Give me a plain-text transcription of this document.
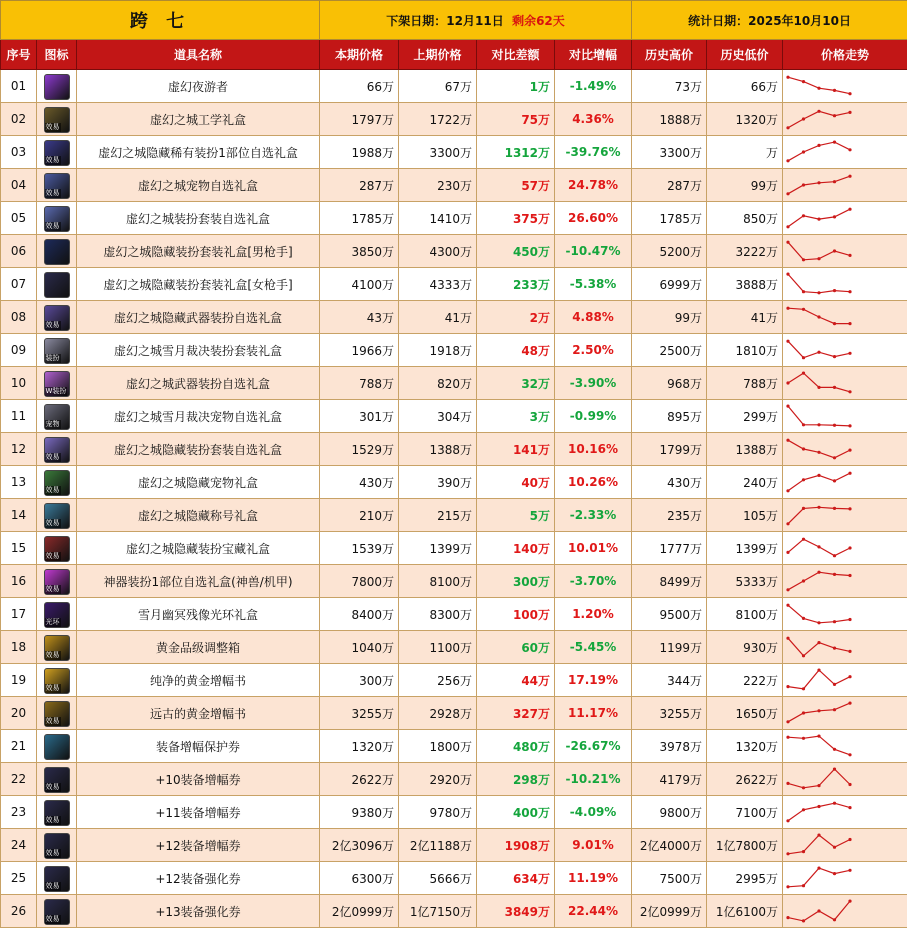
跨 七			下架日期：12月11日 剩余62天				统计日期：2025年10月10日		
序号	图标	道具名称	本期价格	上期价格	对比差额	对比增幅	历史高价	历史低价	价格走势
01		虚幻夜游者	66万	67万	1万	-1.49%	73万	66万	

02	效易	虚幻之城工学礼盒	1797万	1722万	75万	4.36%	1888万	1320万	

03	效易	虚幻之城隐藏稀有装扮1部位自选礼盒	1988万	3300万	1312万	-39.76%	3300万	万	

04	效易	虚幻之城宠物自选礼盒	287万	230万	57万	24.78%	287万	99万	

05	效易	虚幻之城装扮套装自选礼盒	1785万	1410万	375万	26.60%	1785万	850万	

06		虚幻之城隐藏装扮套装礼盒[男枪手]	3850万	4300万	450万	-10.47%	5200万	3222万	

07		虚幻之城隐藏装扮套装礼盒[女枪手]	4100万	4333万	233万	-5.38%	6999万	3888万	

08	效易	虚幻之城隐藏武器装扮自选礼盒	43万	41万	2万	4.88%	99万	41万	

09	装扮	虚幻之城雪月裁决装扮套装礼盒	1966万	1918万	48万	2.50%	2500万	1810万	

10	W装扮	虚幻之城武器装扮自选礼盒	788万	820万	32万	-3.90%	968万	788万	

11	宠物	虚幻之城雪月裁决宠物自选礼盒	301万	304万	3万	-0.99%	895万	299万	

12	效易	虚幻之城隐藏装扮套装自选礼盒	1529万	1388万	141万	10.16%	1799万	1388万	

13	效易	虚幻之城隐藏宠物礼盒	430万	390万	40万	10.26%	430万	240万	

14	效易	虚幻之城隐藏称号礼盒	210万	215万	5万	-2.33%	235万	105万	

15	效易	虚幻之城隐藏装扮宝藏礼盒	1539万	1399万	140万	10.01%	1777万	1399万	

16	效易	神器装扮1部位自选礼盒(神兽/机甲)	7800万	8100万	300万	-3.70%	8499万	5333万	

17	光环	雪月幽冥残像光环礼盒	8400万	8300万	100万	1.20%	9500万	8100万	

18	效易	黄金品级调整箱	1040万	1100万	60万	-5.45%	1199万	930万	

19	效易	纯净的黄金增幅书	300万	256万	44万	17.19%	344万	222万	

20	效易	远古的黄金增幅书	3255万	2928万	327万	11.17%	3255万	1650万	

21		装备增幅保护券	1320万	1800万	480万	-26.67%	3978万	1320万	

22	效易	+10装备增幅券	2622万	2920万	298万	-10.21%	4179万	2622万	

23	效易	+11装备增幅券	9380万	9780万	400万	-4.09%	9800万	7100万	

24	效易	+12装备增幅券	2亿3096万	2亿1188万	1908万	9.01%	2亿4000万	1亿7800万	

25	效易	+12装备强化券	6300万	5666万	634万	11.19%	7500万	2995万	

26	效易	+13装备强化券	2亿0999万	1亿7150万	3849万	22.44%	2亿0999万	1亿6100万	
